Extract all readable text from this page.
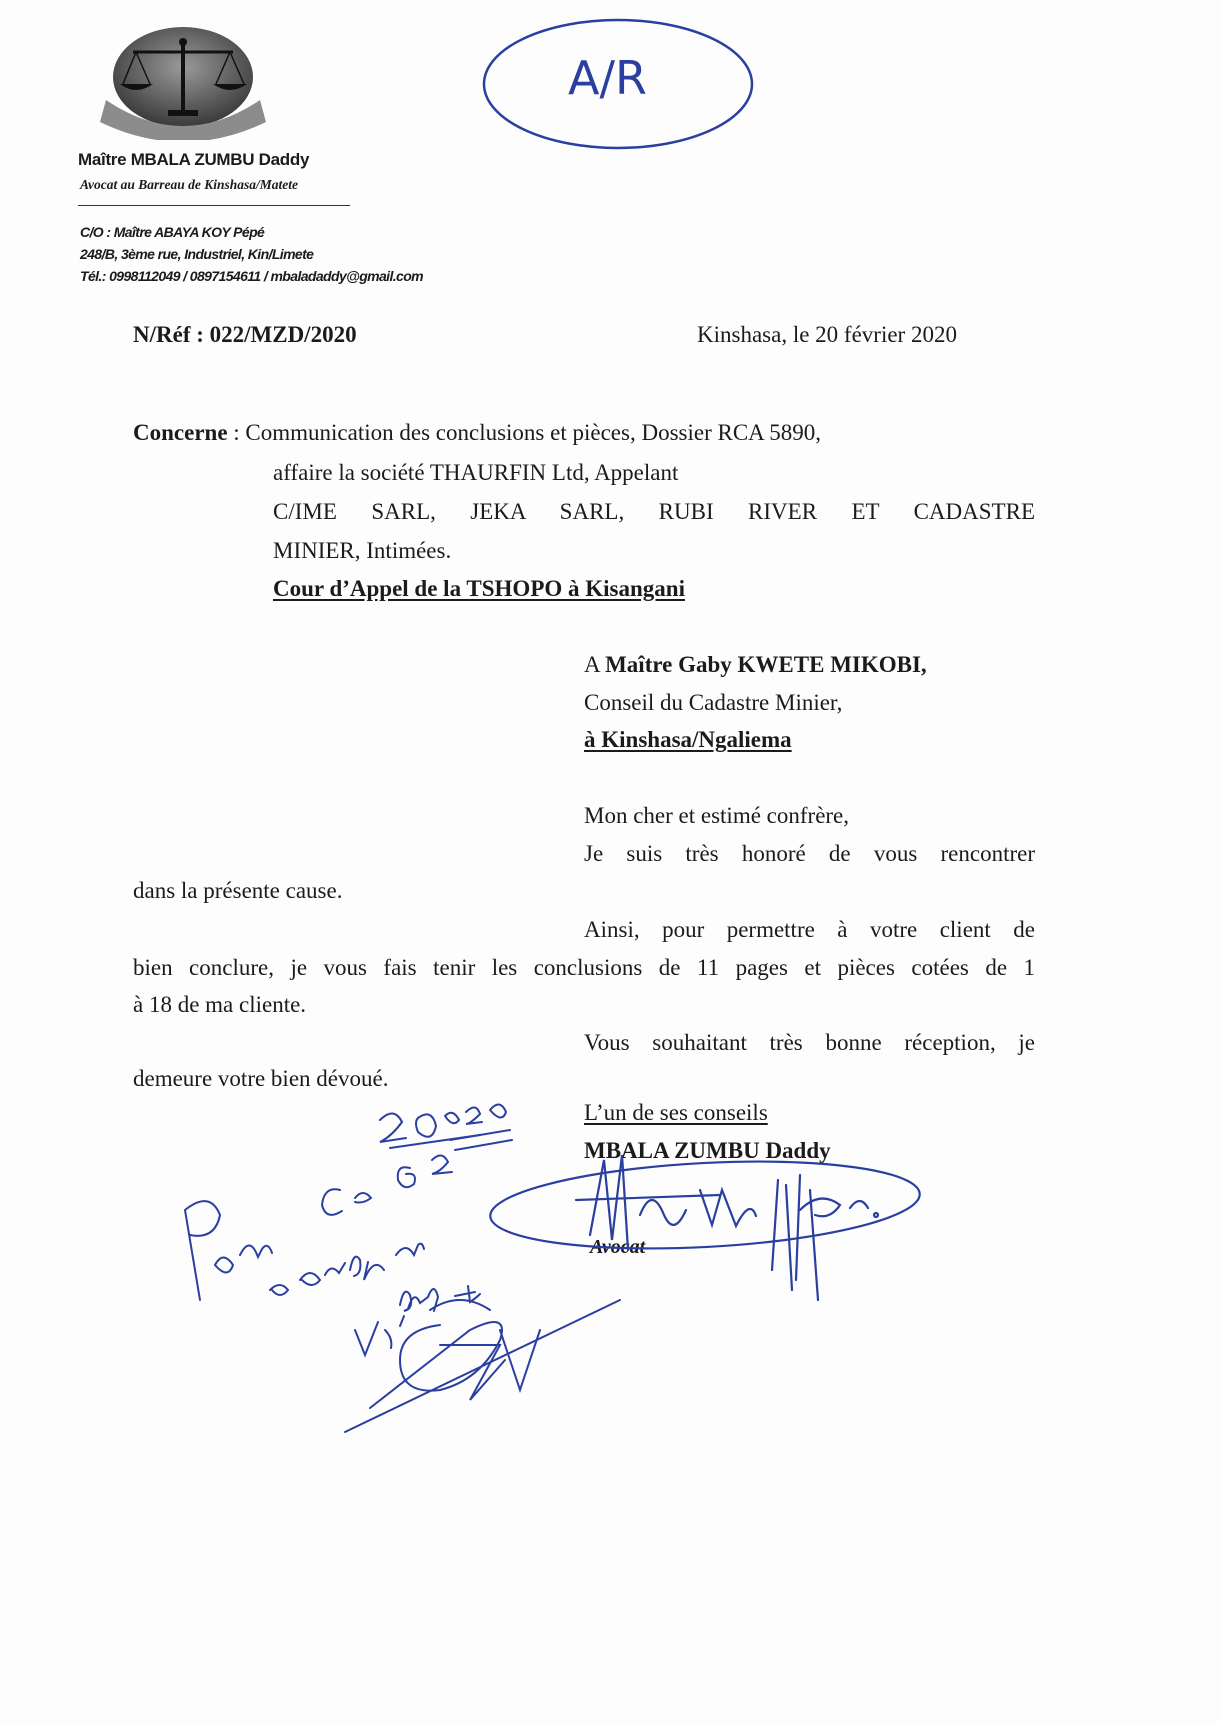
Maître MBALA ZUMBU Daddy
Avocat au Barreau de Kinshasa/Matete
C/O : Maître ABAYA KOY Pépé
248/B, 3ème rue, Industriel, Kin/Limete
Tél.: 0998112049 / 0897154611 / mbaladaddy@gmail.com
A/R
N/Réf : 022/MZD/2020	Kinshasa, le 20 février 2020
Concerne : Communication des conclusions et pièces, Dossier RCA 5890,
affaire la société THAURFIN Ltd, Appelant
C/IME SARL, JEKA SARL, RUBI RIVER ET CADASTRE
MINIER, Intimées.
Cour d’Appel de la TSHOPO à Kisangani
A Maître Gaby KWETE MIKOBI,
Conseil du Cadastre Minier,
à Kinshasa/Ngaliema
Mon cher et estimé confrère,
Je suis très honoré de vous rencontrer
dans la présente cause.
Ainsi, pour permettre à votre client de
bien conclure, je vous fais tenir les conclusions de 11 pages et pièces cotées de 1
à 18 de ma cliente.
Vous souhaitant très bonne réception, je
demeure votre bien dévoué.
L’un de ses conseils
MBALA ZUMBU Daddy
Avocat
